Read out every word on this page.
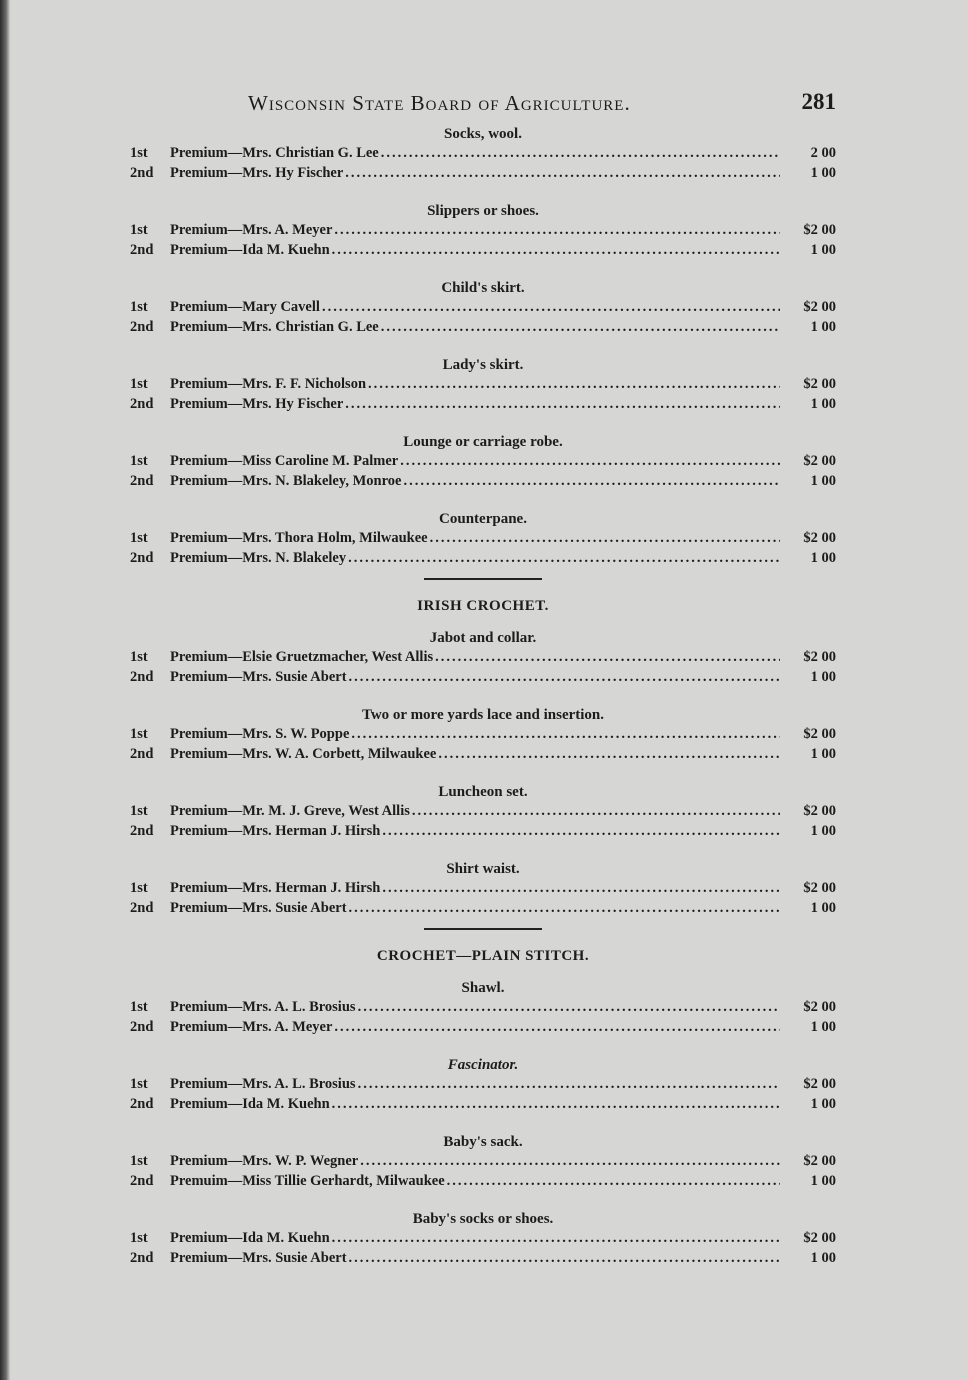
Wisconsin State Board of Agriculture.	281
Socks, wool.
1st	Premium—Mrs. Christian G. Lee .....	2 00
2nd	Premium—Mrs. Hy Fischer .....	1 00
Slippers or shoes.
1st	Premium—Mrs. A. Meyer .....	$2 00
2nd	Premium—Ida M. Kuehn .....	1 00
Child's skirt.
1st	Premium—Mary Cavell .....	$2 00
2nd	Premium—Mrs. Christian G. Lee .....	1 00
Lady's skirt.
1st	Premium—Mrs. F. F. Nicholson .....	$2 00
2nd	Premium—Mrs. Hy Fischer .....	1 00
Lounge or carriage robe.
1st	Premium—Miss Caroline M. Palmer .....	$2 00
2nd	Premium—Mrs. N. Blakeley, Monroe .....	1 00
Counterpane.
1st	Premium—Mrs. Thora Holm, Milwaukee .....	$2 00
2nd	Premium—Mrs. N. Blakeley .....	1 00
IRISH CROCHET.
Jabot and collar.
1st	Premium—Elsie Gruetzmacher, West Allis .....	$2 00
2nd	Premium—Mrs. Susie Abert .....	1 00
Two or more yards lace and insertion.
1st	Premium—Mrs. S. W. Poppe .....	$2 00
2nd	Premium—Mrs. W. A. Corbett, Milwaukee .....	1 00
Luncheon set.
1st	Premium—Mr. M. J. Greve, West Allis .....	$2 00
2nd	Premium—Mrs. Herman J. Hirsh .....	1 00
Shirt waist.
1st	Premium—Mrs. Herman J. Hirsh .....	$2 00
2nd	Premium—Mrs. Susie Abert .....	1 00
CROCHET—PLAIN STITCH.
Shawl.
1st	Premium—Mrs. A. L. Brosius .....	$2 00
2nd	Premium—Mrs. A. Meyer .....	1 00
Fascinator.
1st	Premium—Mrs. A. L. Brosius .....	$2 00
2nd	Premium—Ida M. Kuehn .....	1 00
Baby's sack.
1st	Premium—Mrs. W. P. Wegner .....	$2 00
2nd	Premuim—Miss Tillie Gerhardt, Milwaukee .....	1 00
Baby's socks or shoes.
1st	Premium—Ida M. Kuehn .....	$2 00
2nd	Premium—Mrs. Susie Abert .....	1 00
